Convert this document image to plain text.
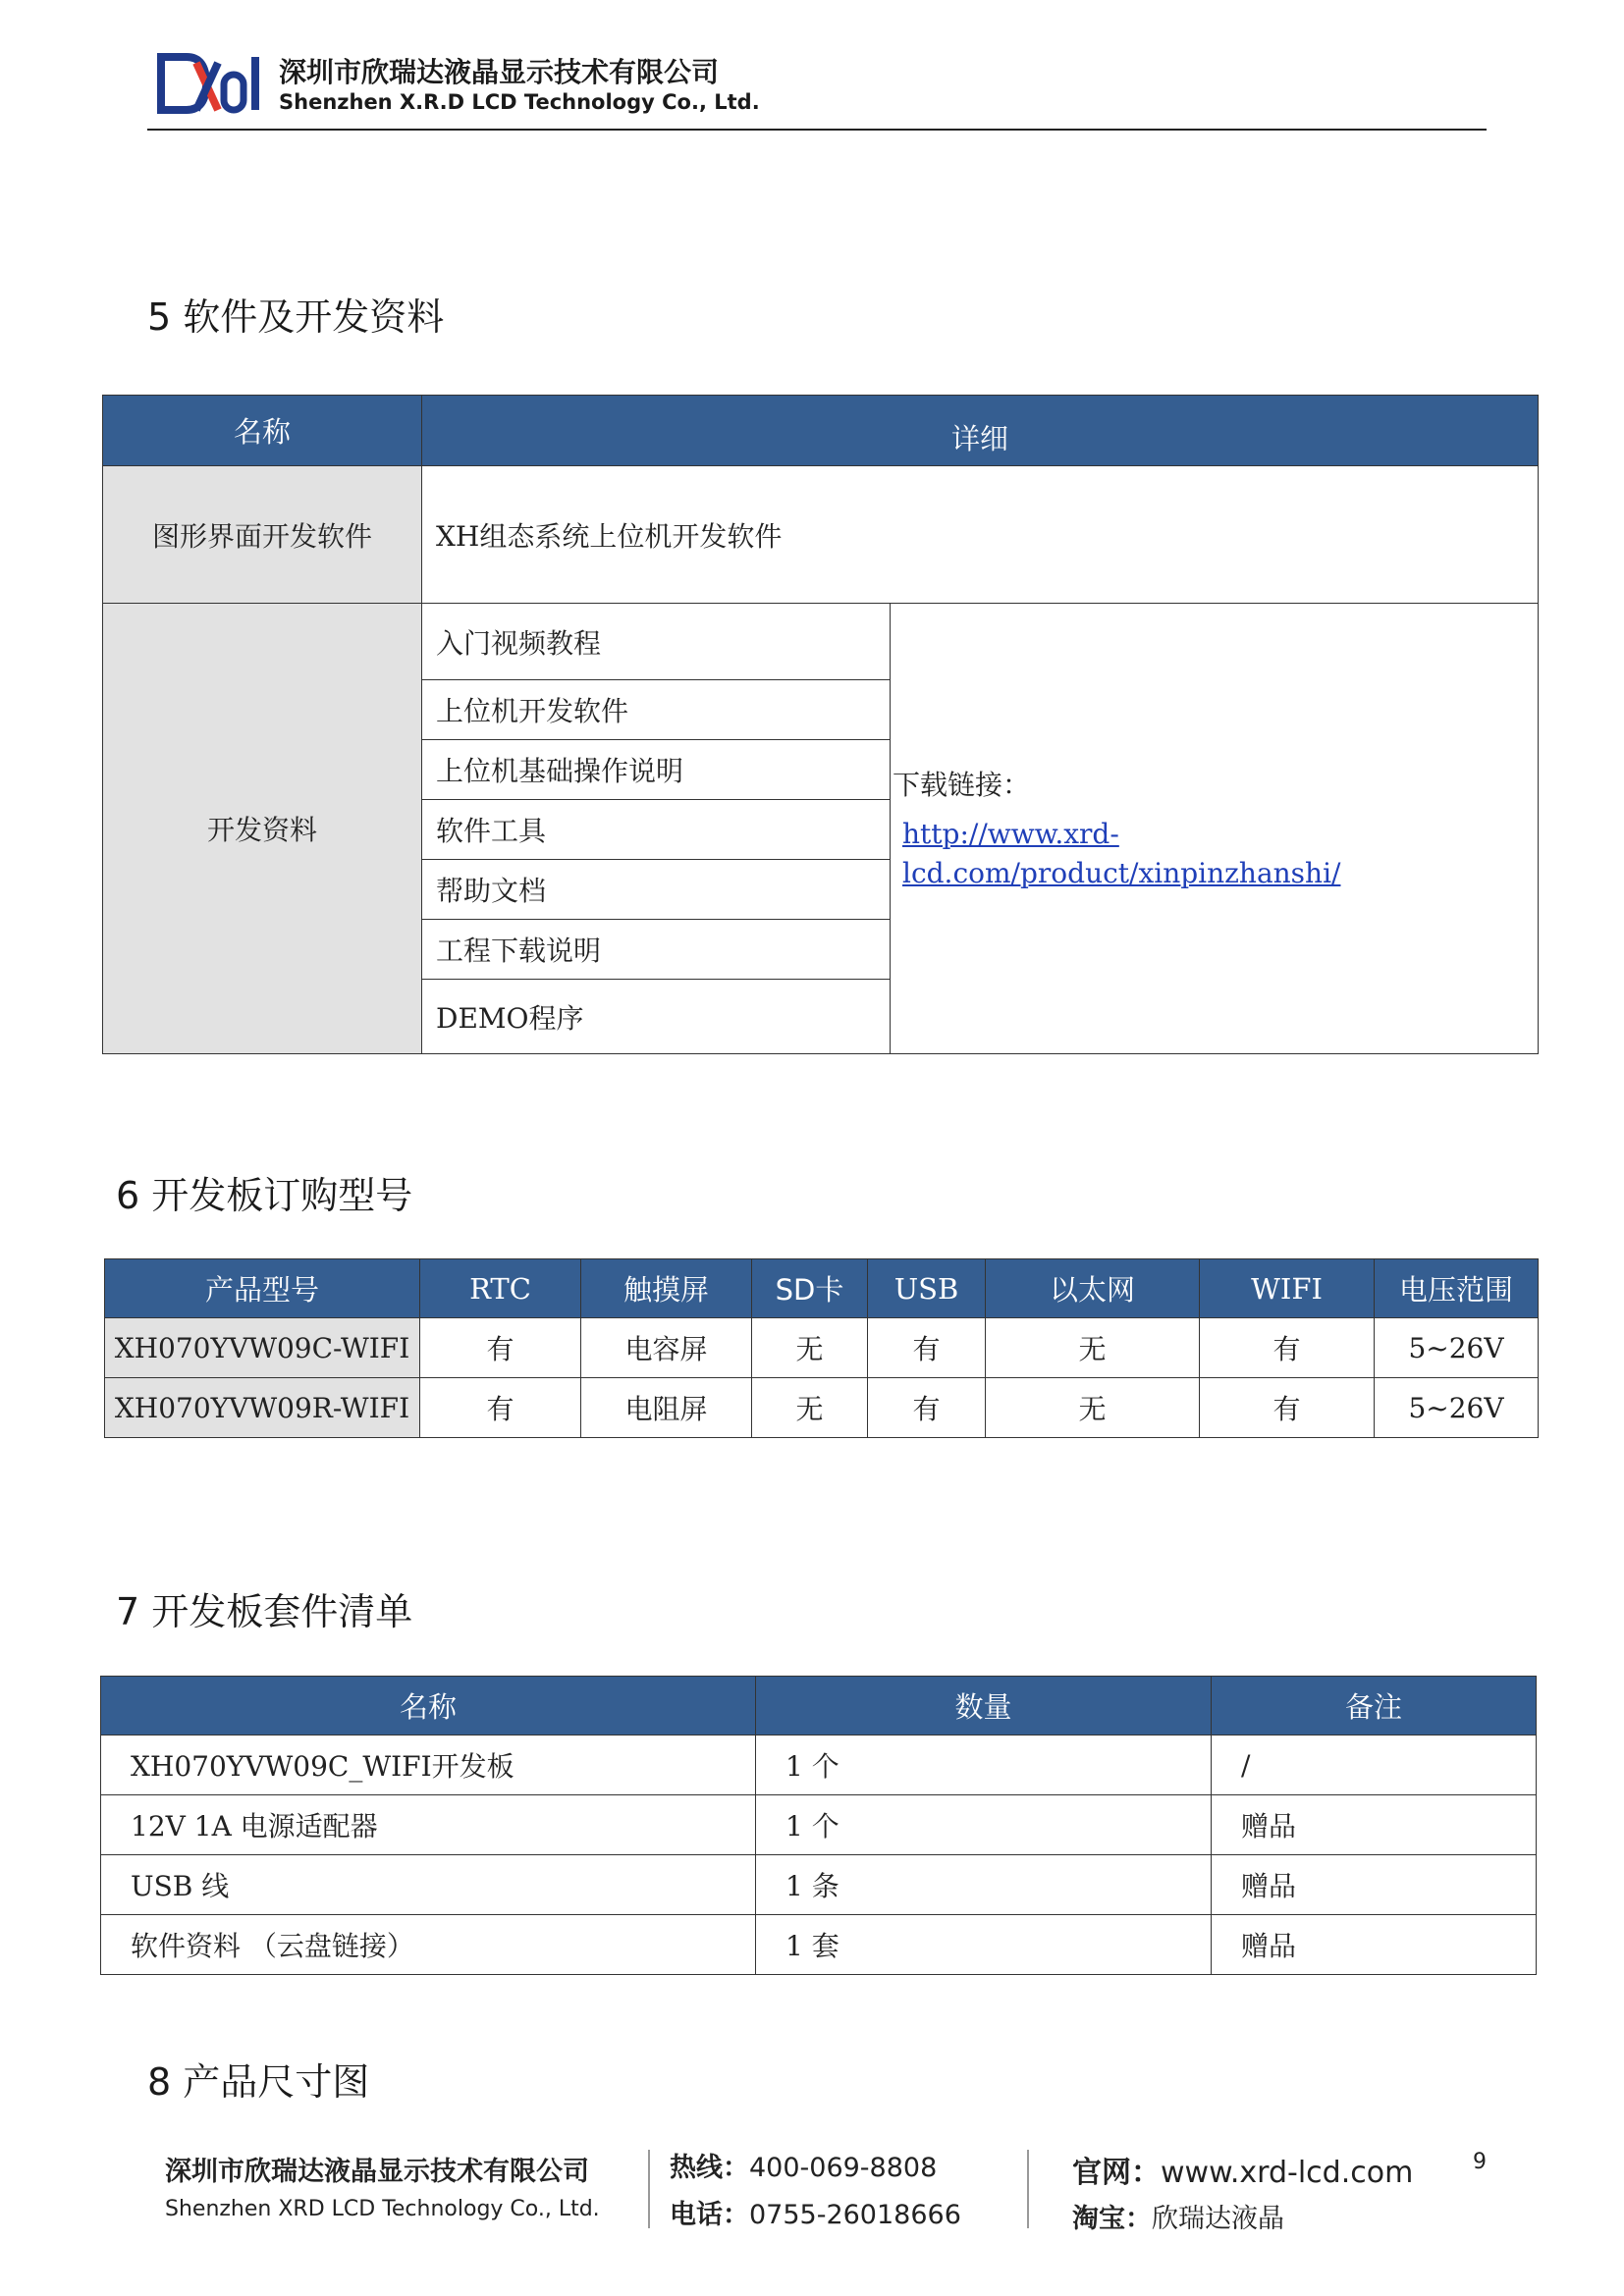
深圳市欣瑞达液晶显示技术有限公司
Shenzhen X.R.D LCD Technology Co., Ltd.
5 软件及开发资料
名称	详细	
图形界面开发软件	XH组态系统上位机开发软件	
开发资料	入门视频教程	下载链接：
http://www.xrd-
lcd.com/product/xinpinzhanshi/

	上位机开发软件	
	上位机基础操作说明	
	软件工具	
	帮助文档	
	工程下载说明	
	DEMO程序	
6 开发板订购型号
产品型号	RTC	触摸屏	SD卡	USB	以太网	WIFI	电压范围
XH070YVW09C-WIFI	有	电容屏	无	有	无	有	5~26V
XH070YVW09R-WIFI	有	电阻屏	无	有	无	有	5~26V
7 开发板套件清单
名称	数量	备注
XH070YVW09C_WIFI开发板	1 个	/
12V 1A 电源适配器	1 个	赠品
USB 线	1 条	赠品
软件资料 （云盘链接）	1 套	赠品
8 产品尺寸图
深圳市欣瑞达液晶显示技术有限公司
Shenzhen XRD LCD Technology Co., Ltd.
热线：400-069-8808
电话：0755-26018666
官网：www.xrd-lcd.com
淘宝：欣瑞达液晶
9
